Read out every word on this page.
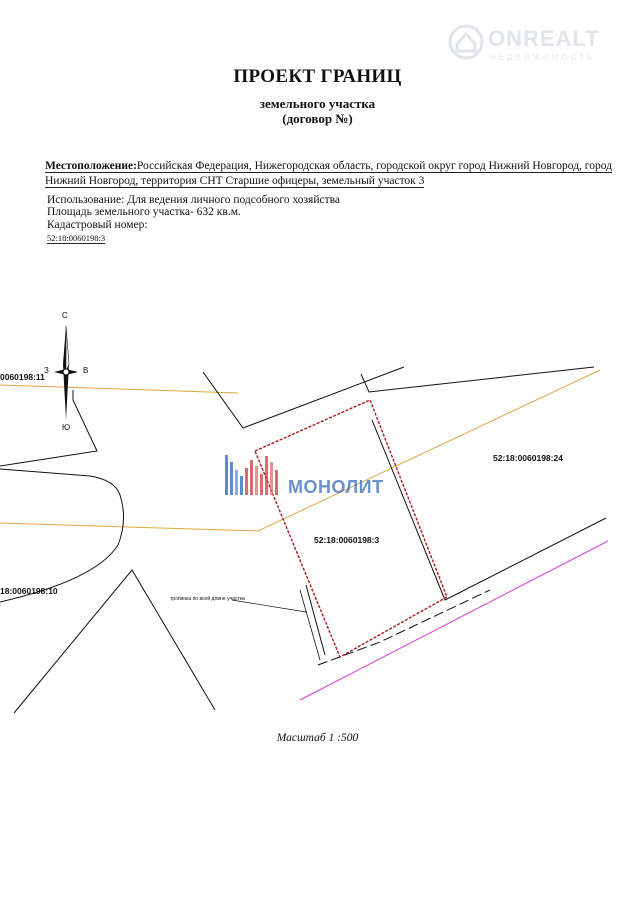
ONREALT
НЕДВИЖИМОСТЬ
ПРОЕКТ ГРАНИЦ
земельного участка
(договор №)
Местоположение:Российская Федерация, Нижегородская область, городской округ город Нижний Новгород, город
Нижний Новгород, территория СНТ Старшие офицеры, земельный участок 3
Использование: Для ведения личного подсобного хозяйства
Площадь земельного участка- 632 кв.м.
Кадастровый номер:
52:18:0060198:3
С
Ю
З	В
0060198:11
18:0060198:10
52:18:0060198:24
52:18:0060198:3
тропинка по всей длине участка
МОНОЛИТ
Масштаб 1 :500
